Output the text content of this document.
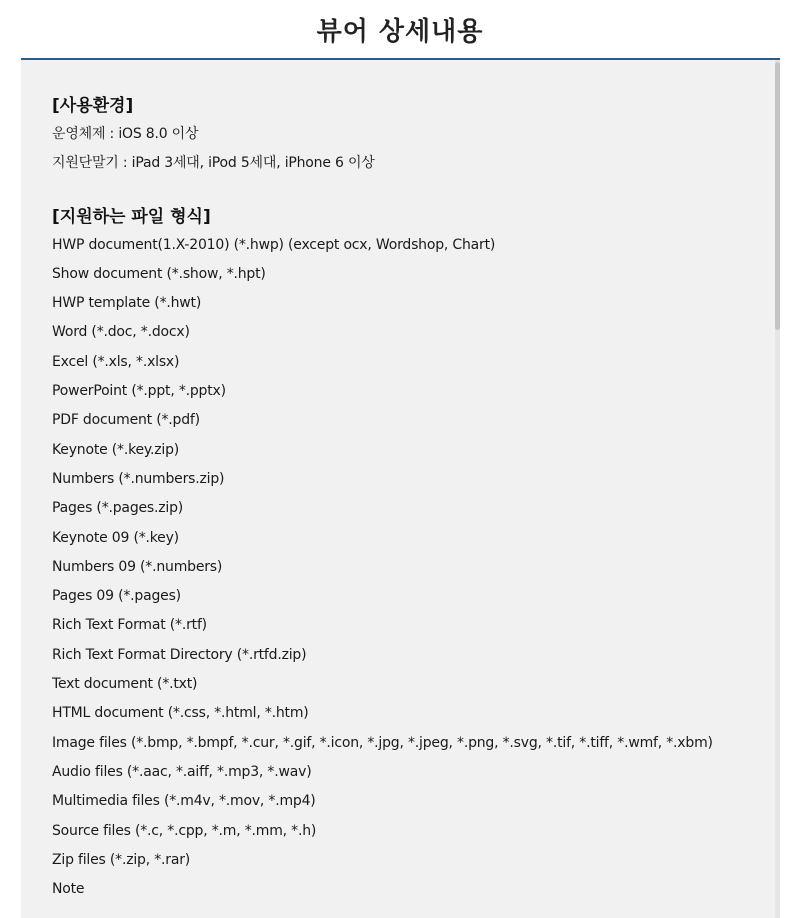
뷰어 상세내용
[사용환경]
운영체제 : iOS 8.0 이상
지원단말기 : iPad 3세대, iPod 5세대, iPhone 6 이상
[지원하는 파일 형식]
HWP document(1.X-2010) (*.hwp) (except ocx, Wordshop, Chart)
Show document (*.show, *.hpt)
HWP template (*.hwt)
Word (*.doc, *.docx)
Excel (*.xls, *.xlsx)
PowerPoint (*.ppt, *.pptx)
PDF document (*.pdf)
Keynote (*.key.zip)
Numbers (*.numbers.zip)
Pages (*.pages.zip)
Keynote 09 (*.key)
Numbers 09 (*.numbers)
Pages 09 (*.pages)
Rich Text Format (*.rtf)
Rich Text Format Directory (*.rtfd.zip)
Text document (*.txt)
HTML document (*.css, *.html, *.htm)
Image files (*.bmp, *.bmpf, *.cur, *.gif, *.icon, *.jpg, *.jpeg, *.png, *.svg, *.tif, *.tiff, *.wmf, *.xbm)
Audio files (*.aac, *.aiff, *.mp3, *.wav)
Multimedia files (*.m4v, *.mov, *.mp4)
Source files (*.c, *.cpp, *.m, *.mm, *.h)
Zip files (*.zip, *.rar)
Note
